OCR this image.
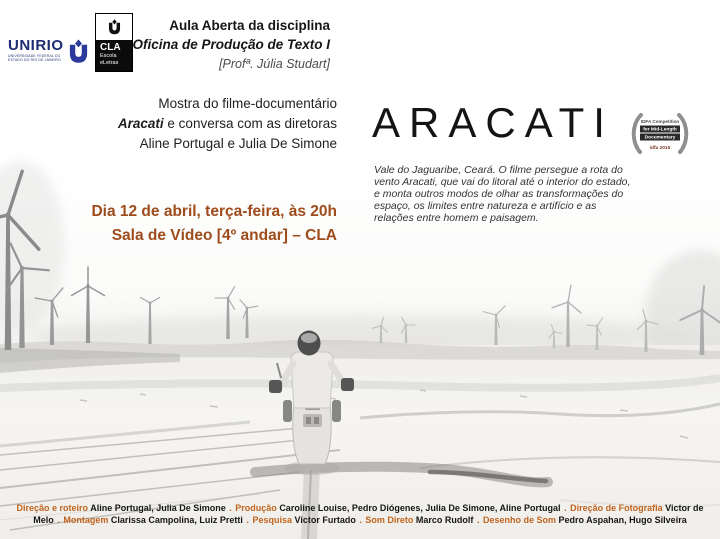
UNIRIO
UNIVERSIDADE FEDERAL DO
ESTADO DO RIO DE JANEIRO
CLA
Escola
eLetras
Aula Aberta da disciplina
Oficina de Produção de Texto I
[Profª. Júlia Studart]
Mostra do filme-documentário
Aracati e conversa com as diretoras
Aline Portugal e Julia De Simone ARACATI	IDFA Competition
for Mid-Length
Documentary
idfa 2015
Vale do Jaguaribe, Ceará. O filme persegue a rota do vento Aracati, que vai do litoral até o interior do estado, e monta outros modos de olhar as transformações do espaço, os limites entre natureza e artifício e as relações entre homem e paisagem.
Dia 12 de abril, terça-feira, às 20h
Sala de Vídeo [4º andar] – CLA
Direção e roteiro Aline Portugal, Julia De Simone . Produção Caroline Louise, Pedro Diógenes, Julia De Simone, Aline Portugal . Direção de Fotografia Victor de Melo . Montagem Clarissa Campolina, Luiz Pretti . Pesquisa Victor Furtado . Som Direto Marco Rudolf . Desenho de Som Pedro Aspahan, Hugo Silveira
